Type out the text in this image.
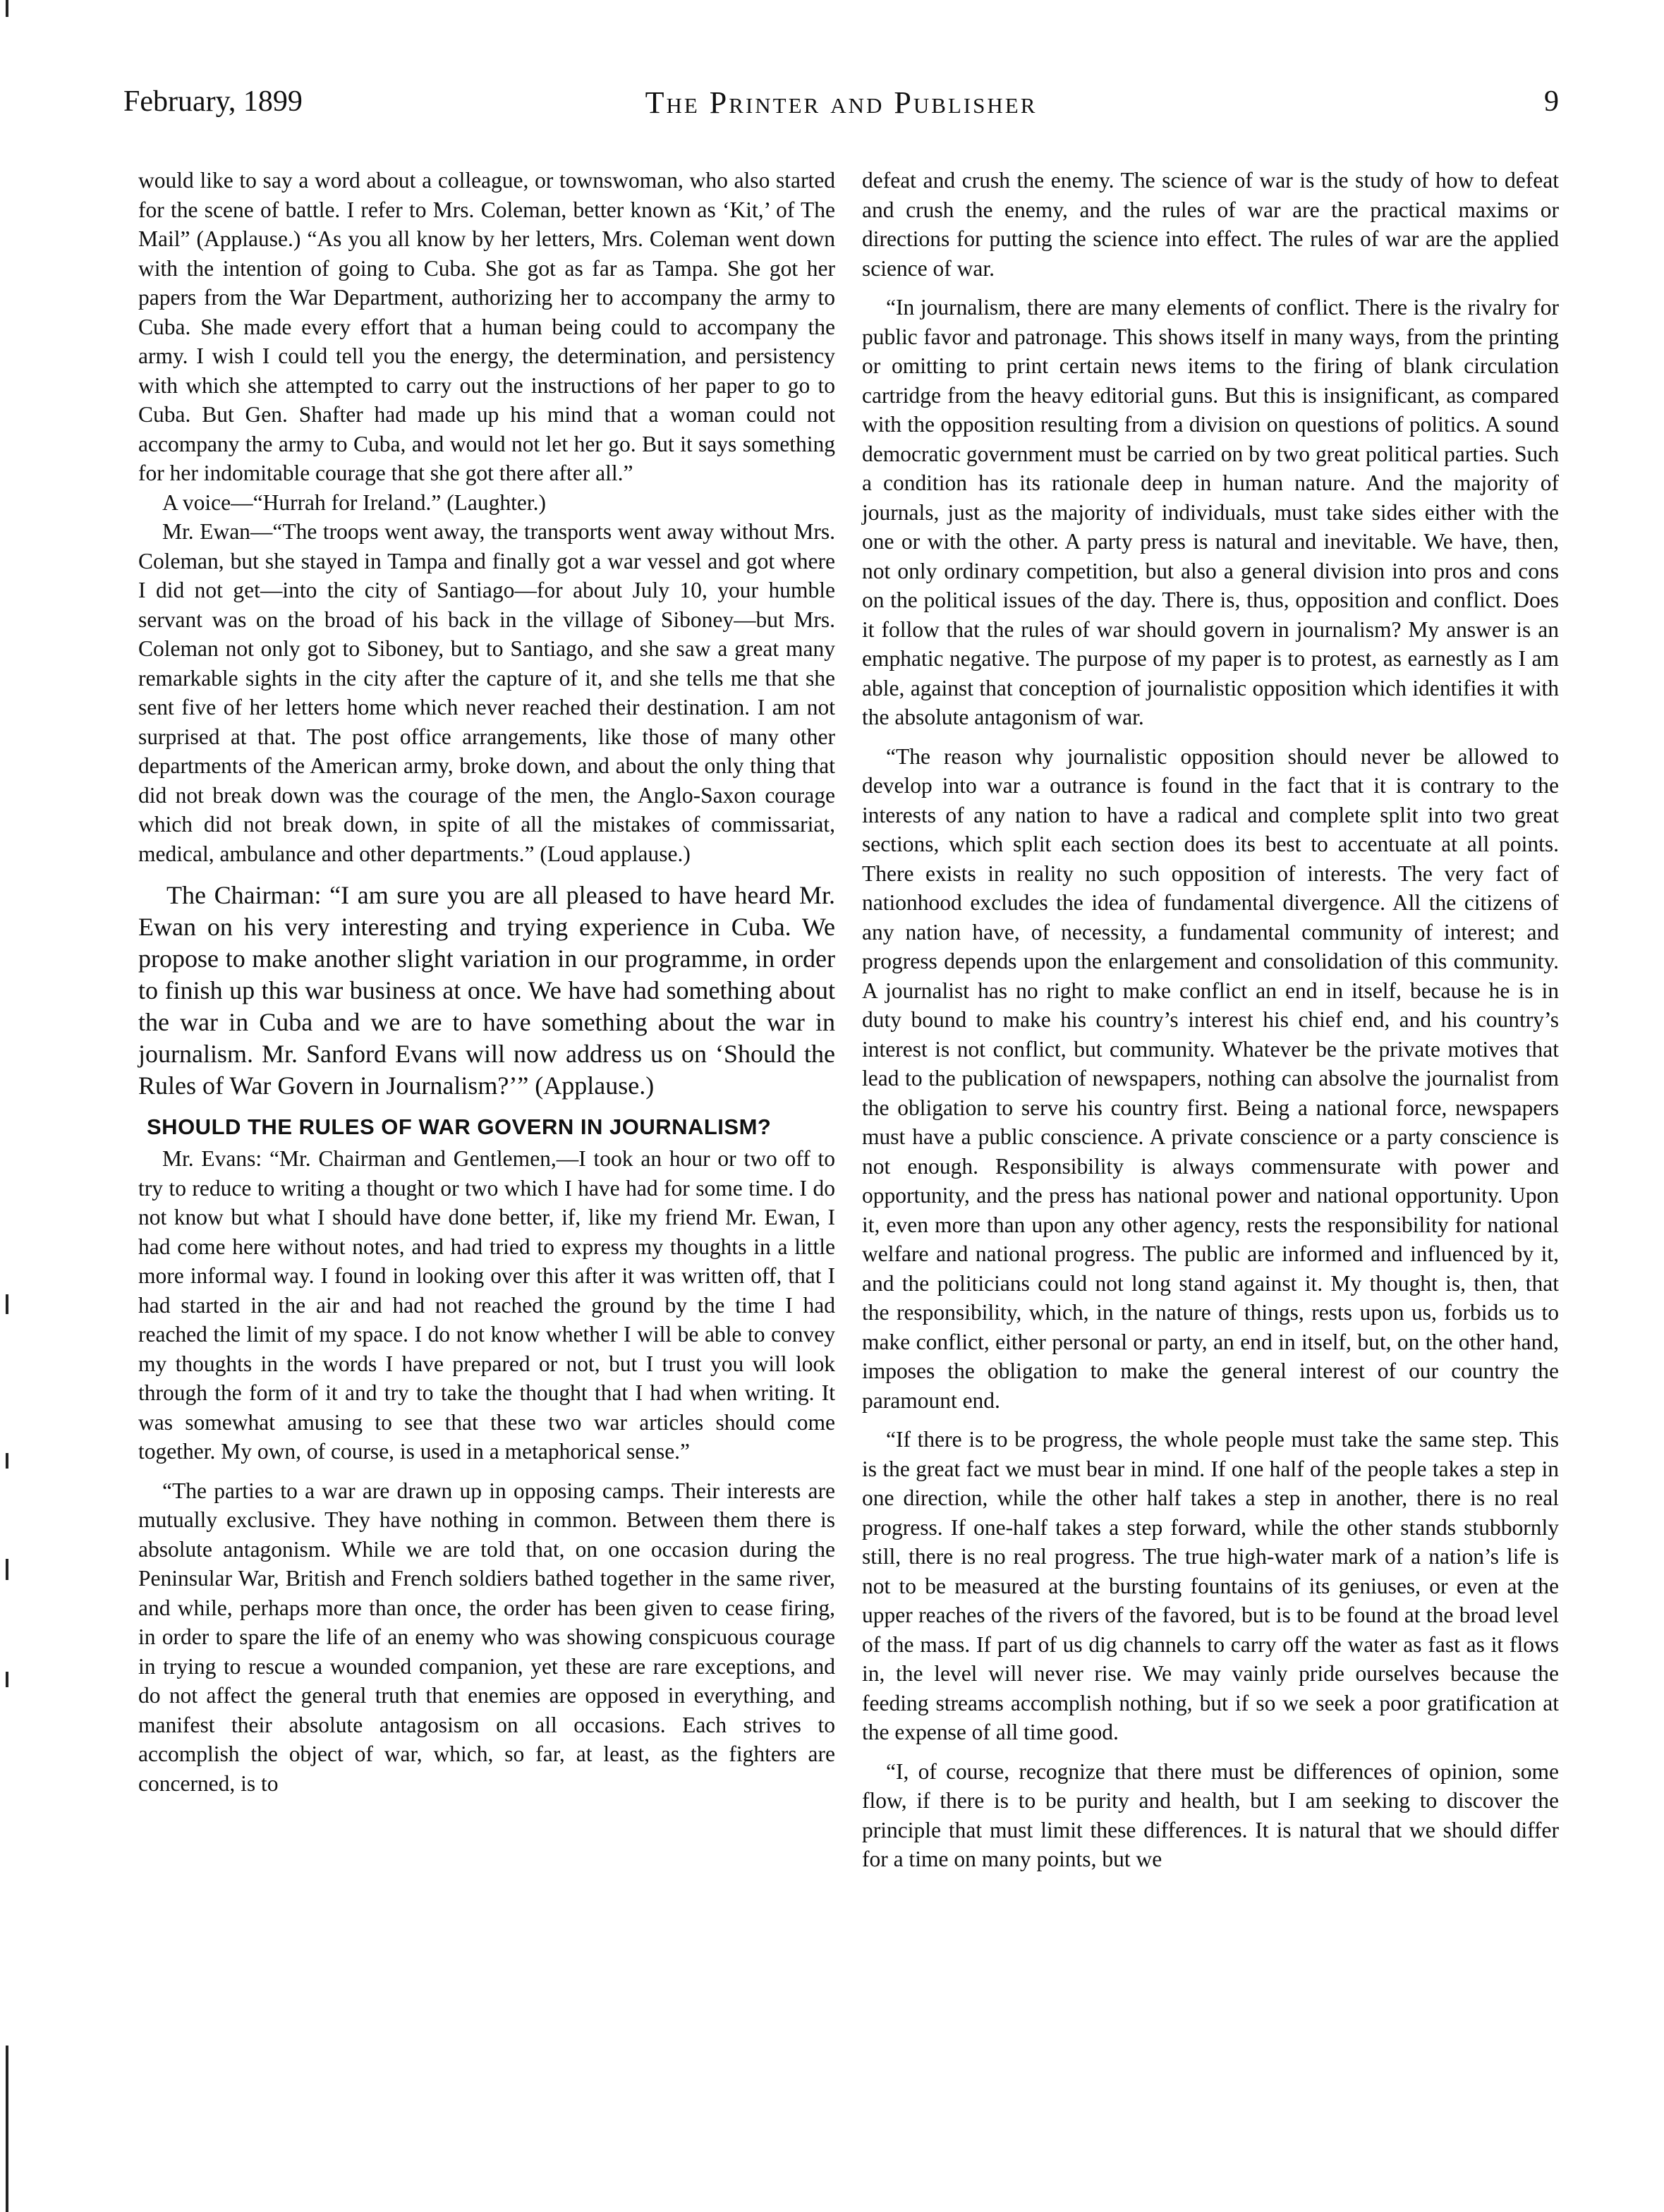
February, 1899	The Printer and Publisher	9

would like to say a word about a colleague, or townswoman, who also started for the scene of battle. I refer to Mrs. Coleman, better known as ‘Kit,’ of The Mail” (Applause.) “As you all know by her letters, Mrs. Coleman went down with the intention of going to Cuba. She got as far as Tampa. She got her papers from the War Department, authorizing her to accompany the army to Cuba. She made every effort that a human being could to accompany the army. I wish I could tell you the energy, the determination, and persistency with which she attempted to carry out the instructions of her paper to go to Cuba. But Gen. Shafter had made up his mind that a woman could not accompany the army to Cuba, and would not let her go. But it says something for her indomitable courage that she got there after all.”

A voice—“Hurrah for Ireland.” (Laughter.)

Mr. Ewan—“The troops went away, the transports went away without Mrs. Coleman, but she stayed in Tampa and finally got a war vessel and got where I did not get—into the city of Santiago—for about July 10, your humble servant was on the broad of his back in the village of Siboney—but Mrs. Coleman not only got to Siboney, but to Santiago, and she saw a great many remarkable sights in the city after the capture of it, and she tells me that she sent five of her letters home which never reached their destination. I am not surprised at that. The post office arrangements, like those of many other departments of the American army, broke down, and about the only thing that did not break down was the courage of the men, the Anglo-Saxon courage which did not break down, in spite of all the mistakes of commissariat, medical, ambulance and other departments.” (Loud applause.)

The Chairman: “I am sure you are all pleased to have heard Mr. Ewan on his very interesting and trying experience in Cuba. We propose to make another slight variation in our programme, in order to finish up this war business at once. We have had something about the war in Cuba and we are to have something about the war in journalism. Mr. Sanford Evans will now address us on ‘Should the Rules of War Govern in Journalism?’” (Applause.)

SHOULD THE RULES OF WAR GOVERN IN JOURNALISM?

Mr. Evans: “Mr. Chairman and Gentlemen,—I took an hour or two off to try to reduce to writing a thought or two which I have had for some time. I do not know but what I should have done better, if, like my friend Mr. Ewan, I had come here without notes, and had tried to express my thoughts in a little more informal way. I found in looking over this after it was written off, that I had started in the air and had not reached the ground by the time I had reached the limit of my space. I do not know whether I will be able to convey my thoughts in the words I have prepared or not, but I trust you will look through the form of it and try to take the thought that I had when writing. It was somewhat amusing to see that these two war articles should come together. My own, of course, is used in a metaphorical sense.”

“The parties to a war are drawn up in opposing camps. Their interests are mutually exclusive. They have nothing in common. Between them there is absolute antagonism. While we are told that, on one occasion during the Peninsular War, British and French soldiers bathed together in the same river, and while, perhaps more than once, the order has been given to cease firing, in order to spare the life of an enemy who was showing conspicuous courage in trying to rescue a wounded companion, yet these are rare exceptions, and do not affect the general truth that enemies are opposed in everything, and manifest their absolute antagosism on all occasions. Each strives to accomplish the object of war, which, so far, at least, as the fighters are concerned, is to

defeat and crush the enemy. The science of war is the study of how to defeat and crush the enemy, and the rules of war are the practical maxims or directions for putting the science into effect. The rules of war are the applied science of war.

“In journalism, there are many elements of conflict. There is the rivalry for public favor and patronage. This shows itself in many ways, from the printing or omitting to print certain news items to the firing of blank circulation cartridge from the heavy editorial guns. But this is insignificant, as compared with the opposition resulting from a division on questions of politics. A sound democratic government must be carried on by two great political parties. Such a condition has its rationale deep in human nature. And the majority of journals, just as the majority of individuals, must take sides either with the one or with the other. A party press is natural and inevitable. We have, then, not only ordinary competition, but also a general division into pros and cons on the political issues of the day. There is, thus, opposition and conflict. Does it follow that the rules of war should govern in journalism? My answer is an emphatic negative. The purpose of my paper is to protest, as earnestly as I am able, against that conception of journalistic opposition which identifies it with the absolute antagonism of war.

“The reason why journalistic opposition should never be allowed to develop into war a outrance is found in the fact that it is contrary to the interests of any nation to have a radical and complete split into two great sections, which split each section does its best to accentuate at all points. There exists in reality no such opposition of interests. The very fact of nationhood excludes the idea of fundamental divergence. All the citizens of any nation have, of necessity, a fundamental community of interest; and progress depends upon the enlargement and consolidation of this community. A journalist has no right to make conflict an end in itself, because he is in duty bound to make his country’s interest his chief end, and his country’s interest is not conflict, but community. Whatever be the private motives that lead to the publication of newspapers, nothing can absolve the journalist from the obligation to serve his country first. Being a national force, newspapers must have a public conscience. A private conscience or a party conscience is not enough. Responsibility is always commensurate with power and opportunity, and the press has national power and national opportunity. Upon it, even more than upon any other agency, rests the responsibility for national welfare and national progress. The public are informed and influenced by it, and the politicians could not long stand against it. My thought is, then, that the responsibility, which, in the nature of things, rests upon us, forbids us to make conflict, either personal or party, an end in itself, but, on the other hand, imposes the obligation to make the general interest of our country the paramount end.

“If there is to be progress, the whole people must take the same step. This is the great fact we must bear in mind. If one half of the people takes a step in one direction, while the other half takes a step in another, there is no real progress. If one-half takes a step forward, while the other stands stubbornly still, there is no real progress. The true high-water mark of a nation’s life is not to be measured at the bursting fountains of its geniuses, or even at the upper reaches of the rivers of the favored, but is to be found at the broad level of the mass. If part of us dig channels to carry off the water as fast as it flows in, the level will never rise. We may vainly pride ourselves because the feeding streams accomplish nothing, but if so we seek a poor gratification at the expense of all time good.

“I, of course, recognize that there must be differences of opinion, some flow, if there is to be purity and health, but I am seeking to discover the principle that must limit these differences. It is natural that we should differ for a time on many points, but we
